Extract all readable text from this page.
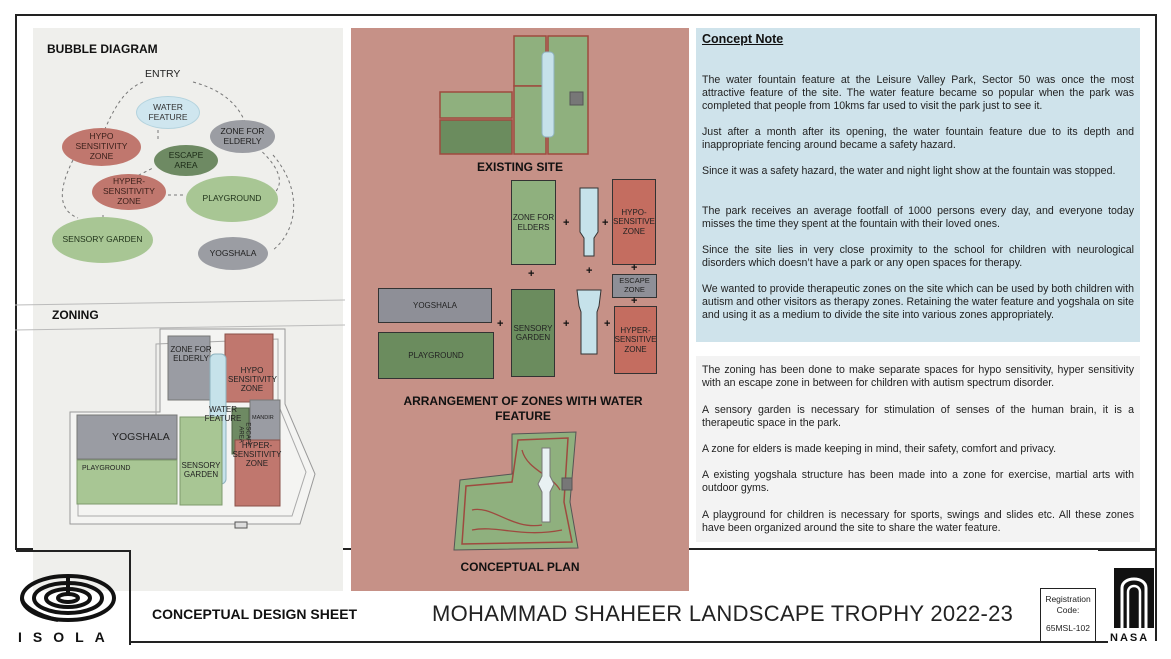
BUBBLE DIAGRAM
ENTRY
WATER FEATURE
ZONE FOR ELDERLY
HYPO SENSITIVITY ZONE	ESCAPE AREA
HYPER- SENSITIVITY ZONE	PLAYGROUND
SENSORY GARDEN
YOGSHALA
ZONING
ZONE FOR ELDERLY
HYPO SENSITIVITY ZONE
WATER FEATURE
ESCAPE AREA
MANDIR
HYPER- SENSITIVITY ZONE
YOGSHALA
PLAYGROUND	SENSORY GARDEN
EXISTING SITE
ZONE FOR ELDERS
HYPO- SENSITIVE ZONE
ESCAPE ZONE
YOGSHALA
PLAYGROUND
SENSORY GARDEN
HYPER- SENSITIVE ZONE
+	+
+	+	+
+
+	+	+
ARRANGEMENT OF ZONES WITH WATER FEATURE
CONCEPTUAL PLAN
Concept Note

The water fountain feature at the Leisure Valley Park, Sector 50 was once the most attractive feature of the site. The water feature became so popular when the park was completed that people from 10kms far used to visit the park just to see it.

Just after a month after its opening, the water fountain feature due to its depth and inappropriate fencing around became a safety hazard.

Since it was a safety hazard, the water and night light show at the fountain was stopped.

The park receives an average footfall of 1000 persons every day, and everyone today misses the time they spent at the fountain with their loved ones.

Since the site lies in very close proximity to the school for children with neurological disorders which doesn’t have a park or any open spaces for therapy.

We wanted to provide therapeutic zones on the site which can be used by both children with autism and other visitors as therapy zones. Retaining the water feature and yogshala on site and using it as a medium to divide the site into various zones appropriately.

The zoning has been done to make separate spaces for hypo sensitivity, hyper sensitivity with an escape zone in between for children with autism spectrum disorder.

A sensory garden is necessary for stimulation of senses of the human brain, it is a therapeutic space in the park.

A zone for elders is made keeping in mind, their safety, comfort and privacy.

A existing yogshala structure has been made into a zone for exercise, martial arts with outdoor gyms.

A playground for children is necessary for sports, swings and slides etc. All these zones have been organized around the site to share the water feature.

ISOLA
CONCEPTUAL DESIGN SHEET	MOHAMMAD SHAHEER LANDSCAPE TROPHY 2022-23
Registration Code:
65MSL-102
NASA
